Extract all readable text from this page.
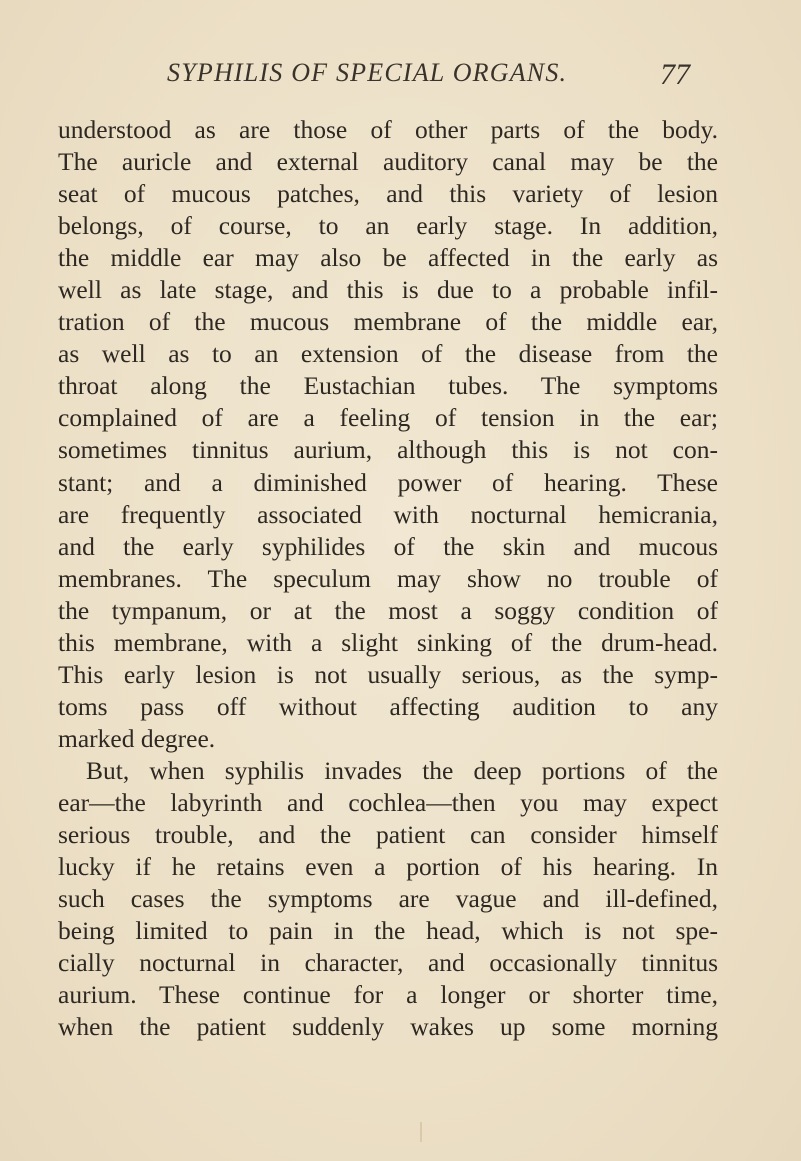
SYPHILIS OF SPECIAL ORGANS.	77
understood as are those of other parts of the body.
The auricle and external auditory canal may be the
seat of mucous patches, and this variety of lesion
belongs, of course, to an early stage. In addition,
the middle ear may also be affected in the early as
well as late stage, and this is due to a probable infil-
tration of the mucous membrane of the middle ear,
as well as to an extension of the disease from the
throat along the Eustachian tubes. The symptoms
complained of are a feeling of tension in the ear;
sometimes tinnitus aurium, although this is not con-
stant; and a diminished power of hearing. These
are frequently associated with nocturnal hemicrania,
and the early syphilides of the skin and mucous
membranes. The speculum may show no trouble of
the tympanum, or at the most a soggy condition of
this membrane, with a slight sinking of the drum-head.
This early lesion is not usually serious, as the symp-
toms pass off without affecting audition to any
marked degree.
But, when syphilis invades the deep portions of the
ear—the labyrinth and cochlea—then you may expect
serious trouble, and the patient can consider himself
lucky if he retains even a portion of his hearing. In
such cases the symptoms are vague and ill-defined,
being limited to pain in the head, which is not spe-
cially nocturnal in character, and occasionally tinnitus
aurium. These continue for a longer or shorter time,
when the patient suddenly wakes up some morning
